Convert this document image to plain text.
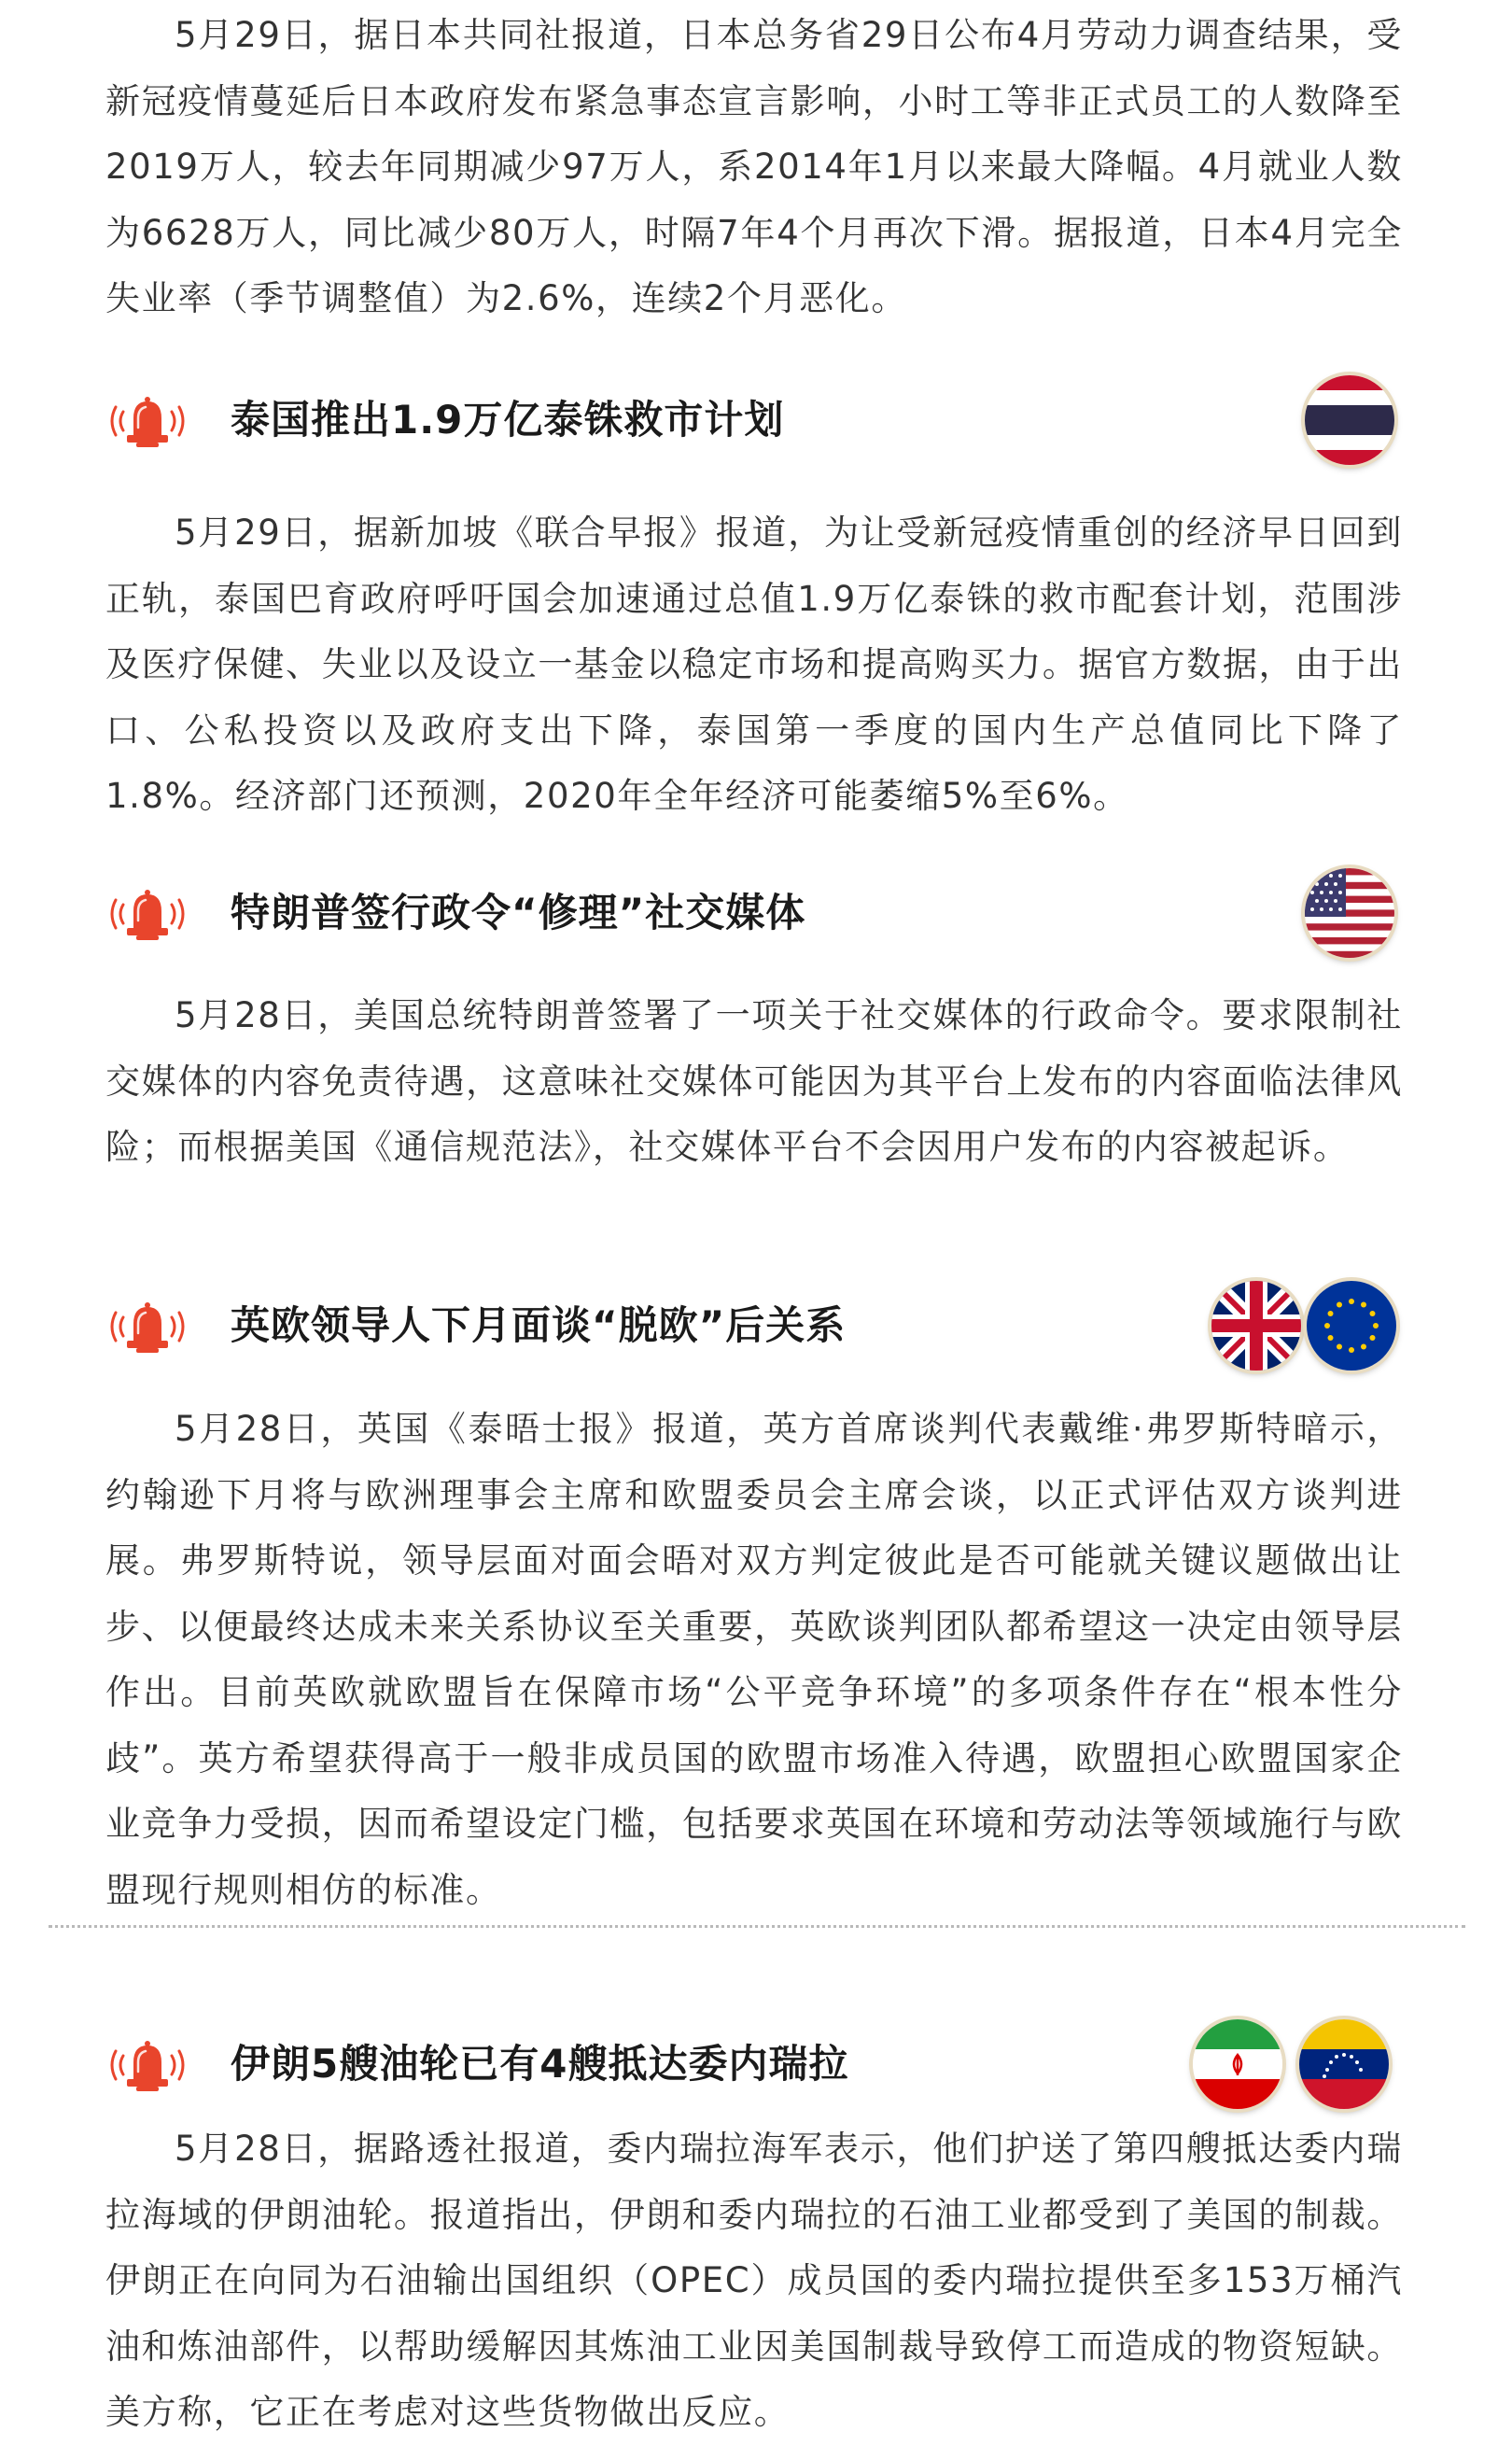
5月29日，据日本共同社报道，日本总务省29日公布4月劳动力调查结果，受新冠疫情蔓延后日本政府发布紧急事态宣言影响，小时工等非正式员工的人数降至2019万人，较去年同期减少97万人，系2014年1月以来最大降幅。4月就业人数为6628万人，同比减少80万人，时隔7年4个月再次下滑。据报道，日本4月完全失业率（季节调整值）为2.6%，连续2个月恶化。

泰国推出1.9万亿泰铢救市计划

5月29日，据新加坡《联合早报》报道，为让受新冠疫情重创的经济早日回到正轨，泰国巴育政府呼吁国会加速通过总值1.9万亿泰铢的救市配套计划，范围涉及医疗保健、失业以及设立一基金以稳定市场和提高购买力。据官方数据，由于出口、公私投资以及政府支出下降，泰国第一季度的国内生产总值同比下降了1.8%。经济部门还预测，2020年全年经济可能萎缩5%至6%。

特朗普签行政令“修理”社交媒体

5月28日，美国总统特朗普签署了一项关于社交媒体的行政命令。要求限制社交媒体的内容免责待遇，这意味社交媒体可能因为其平台上发布的内容面临法律风险；而根据美国《通信规范法》，社交媒体平台不会因用户发布的内容被起诉。

英欧领导人下月面谈“脱欧”后关系

5月28日，英国《泰晤士报》报道，英方首席谈判代表戴维·弗罗斯特暗示，约翰逊下月将与欧洲理事会主席和欧盟委员会主席会谈，以正式评估双方谈判进展。弗罗斯特说，领导层面对面会晤对双方判定彼此是否可能就关键议题做出让步、以便最终达成未来关系协议至关重要，英欧谈判团队都希望这一决定由领导层作出。目前英欧就欧盟旨在保障市场“公平竞争环境”的多项条件存在“根本性分歧”。英方希望获得高于一般非成员国的欧盟市场准入待遇，欧盟担心欧盟国家企业竞争力受损，因而希望设定门槛，包括要求英国在环境和劳动法等领域施行与欧盟现行规则相仿的标准。

伊朗5艘油轮已有4艘抵达委内瑞拉

5月28日，据路透社报道，委内瑞拉海军表示，他们护送了第四艘抵达委内瑞拉海域的伊朗油轮。报道指出，伊朗和委内瑞拉的石油工业都受到了美国的制裁。伊朗正在向同为石油输出国组织（OPEC）成员国的委内瑞拉提供至多153万桶汽油和炼油部件，以帮助缓解因其炼油工业因美国制裁导致停工而造成的物资短缺。美方称，它正在考虑对这些货物做出反应。
